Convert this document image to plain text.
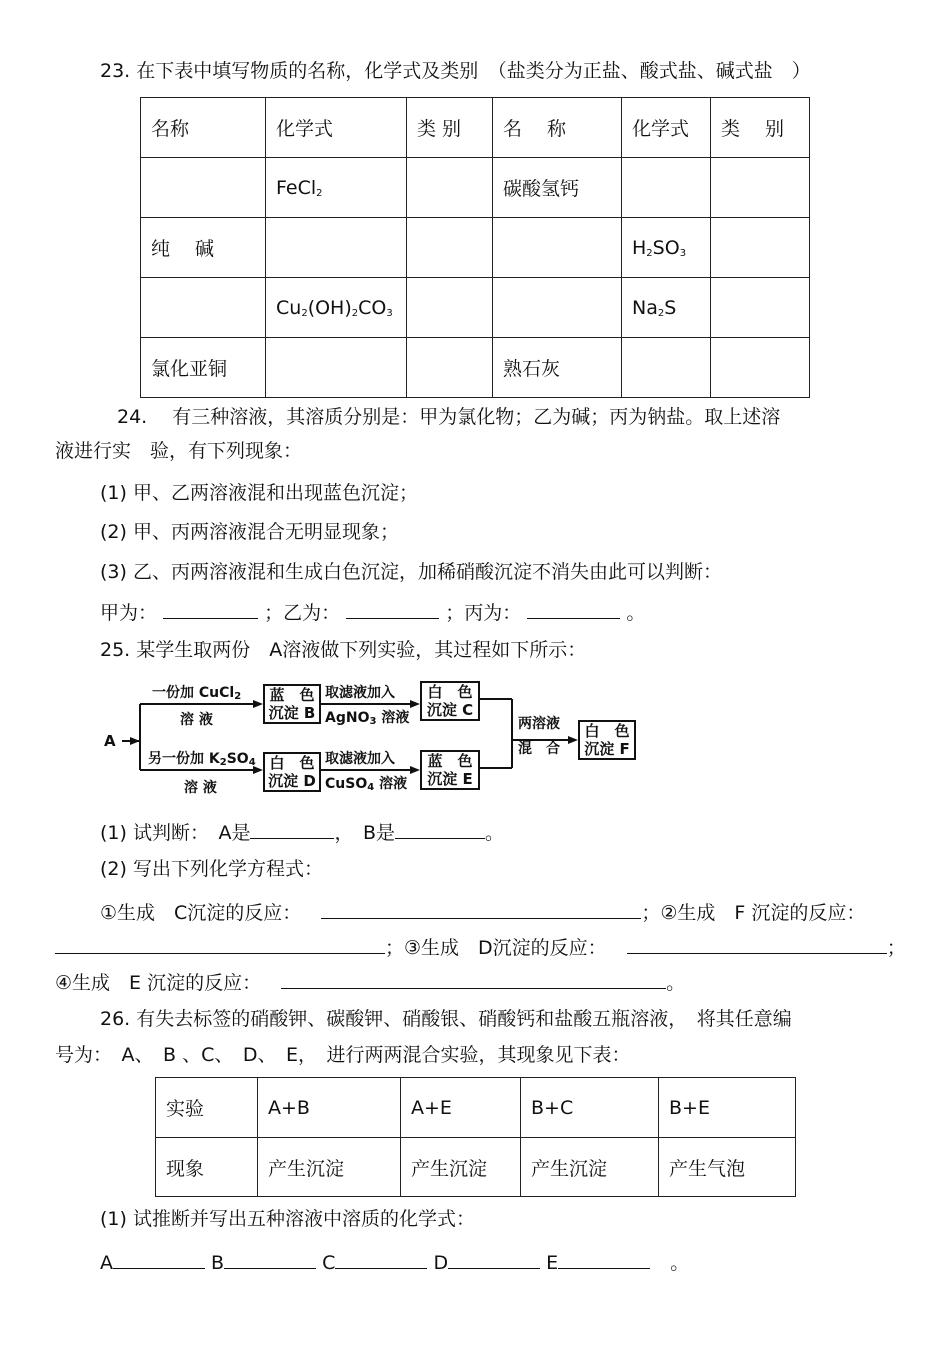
23. 在下表中填写物质的名称，化学式及类别　（盐类分为正盐、酸式盐、碱式盐　）
名称	化学式	类 别	名　 称	化学式	类　 别
	FeCl$_2$		碳酸氢钙		
纯　 碱				$H_2SO_3$	
	$Cu_2(OH)_2CO_3$			$Na_2S$	
氯化亚铜			熟石灰		
24.　 有三种溶液，其溶质分别是：甲为氯化物；乙为碱；丙为钠盐。取上述溶
液进行实　验，有下列现象：
(1) 甲、乙两溶液混和出现蓝色沉淀；
(2) 甲、丙两溶液混合无明显现象；
(3) 乙、丙两溶液混和生成白色沉淀，加稀硝酸沉淀不消失由此可以判断：
甲为：	；乙为：	；丙为：	。
25. 某学生取两份　A溶液做下列实验，其过程如下所示：
A
一份加 CuCl$_2$
溶 液
蓝　色
沉淀 B
取滤液加入
AgNO$_3$ 溶液
白　色
沉淀 C
另一份加 $K_2SO_4$
溶 液
白　色
沉淀 D
取滤液加入
CuSO$_4$ 溶液
蓝　色
沉淀 E
两溶液
混　合
白　色
沉淀 F
(1) 试判断：　A是	，　B是	。
(2) 写出下列化学方程式：
①生成　C沉淀的反应：	；②生成　F 沉淀的反应：
；③生成　D沉淀的反应：	；
④生成　E 沉淀的反应：	。
26. 有失去标签的硝酸钾、碳酸钾、硝酸银、硝酸钙和盐酸五瓶溶液，　将其任意编
号为：　A、　B 、C、　D、　E，　进行两两混合实验，其现象见下表：
实验	A+B	A+E	B+C	B+E
现象	产生沉淀	产生沉淀	产生沉淀	产生气泡
(1) 试推断并写出五种溶液中溶质的化学式：
A	B	C	D	E	。
